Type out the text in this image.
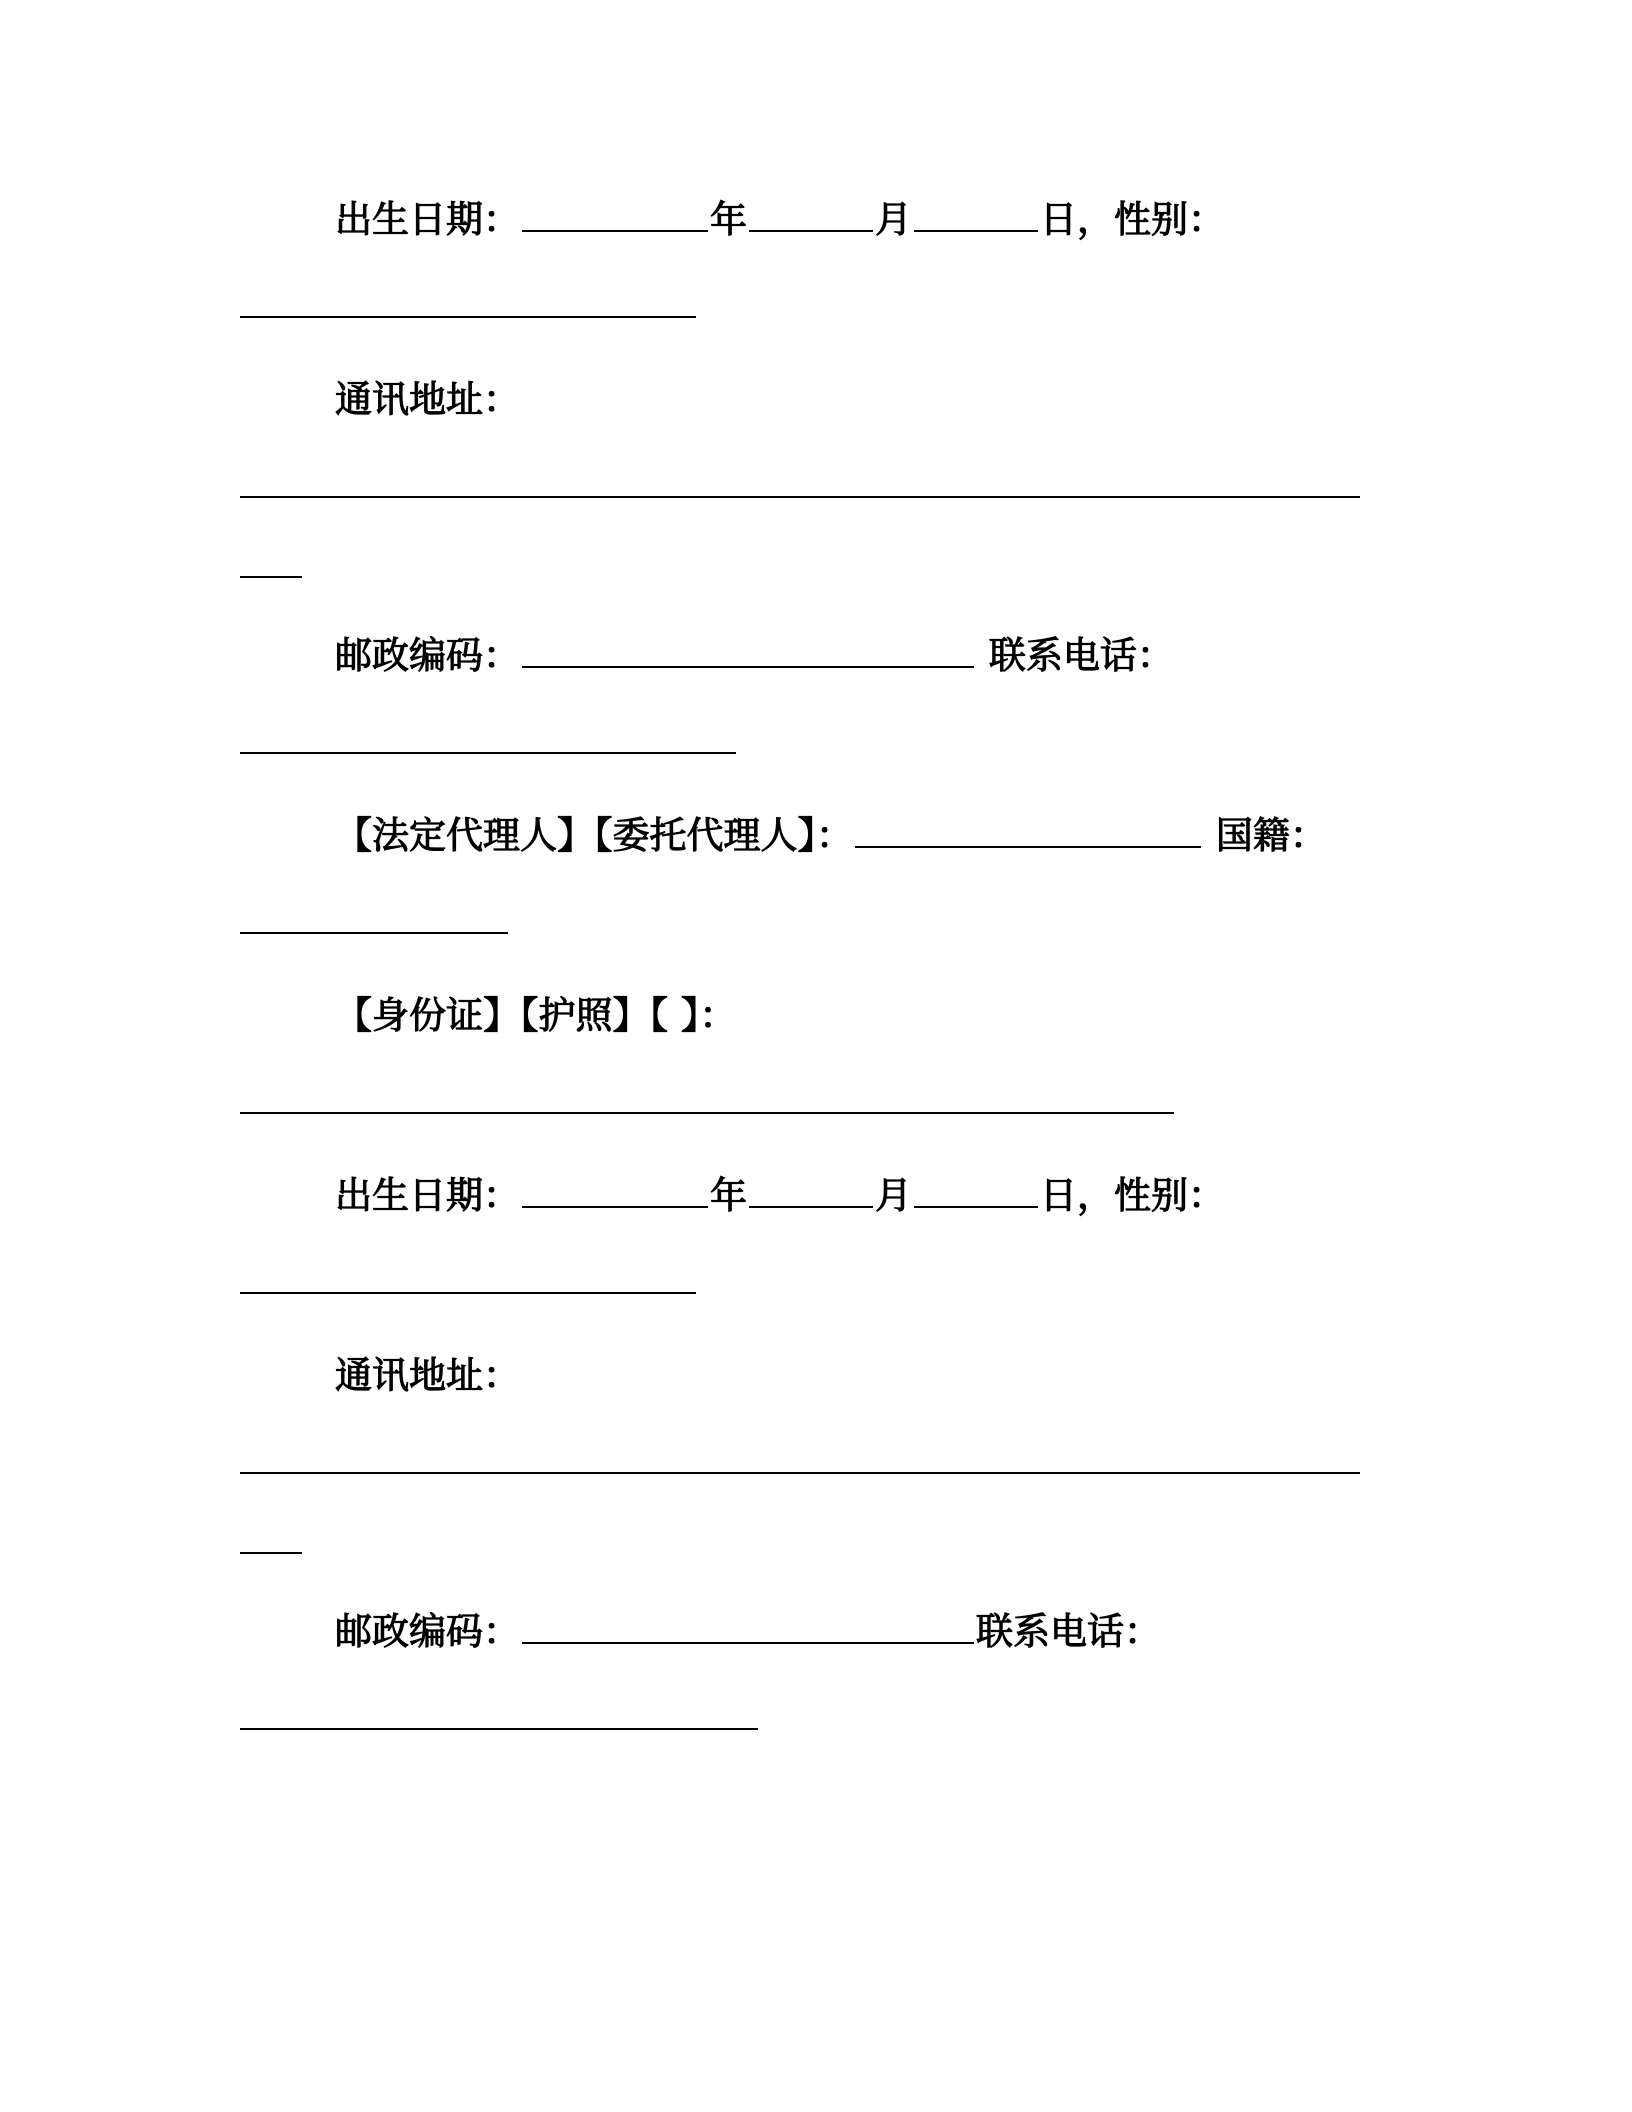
出生日期：	年	月	日，性别：
通讯地址：
邮政编码：	联系电话：
【法定代理人】【委托代理人】：	国籍：
【身份证】【护照】【 】：
出生日期：	年	月	日，性别：
通讯地址：
邮政编码：	联系电话：
